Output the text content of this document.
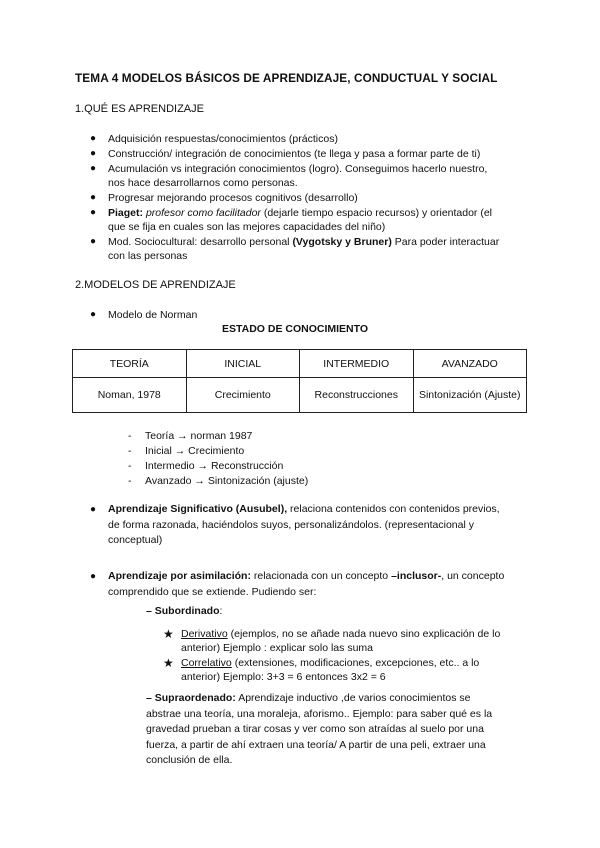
TEMA 4 MODELOS BÁSICOS DE APRENDIZAJE, CONDUCTUAL Y SOCIAL
1.QUÉ ES APRENDIZAJE
● Adquisición respuestas/conocimientos (prácticos)
● Construcción/ integración de conocimientos (te llega y pasa a formar parte de ti)
● Acumulación vs integración conocimientos (logro). Conseguimos hacerlo nuestro,
nos hace desarrollarnos como personas.
● Progresar mejorando procesos cognitivos (desarrollo)
● Piaget: profesor como facilitador (dejarle tiempo espacio recursos) y orientador (el
que se fija en cuales son las mejores capacidades del niño)
● Mod. Sociocultural: desarrollo personal (Vygotsky y Bruner) Para poder interactuar
con las personas
2.MODELOS DE APRENDIZAJE
● Modelo de Norman
ESTADO DE CONOCIMIENTO
TEORÍA	INICIAL	INTERMEDIO	AVANZADO
Noman, 1978	Crecimiento	Reconstrucciones	Sintonización (Ajuste)
- Teoría → norman 1987
- Inicial → Crecimiento
- Intermedio → Reconstrucción
- Avanzado → Sintonización (ajuste)
● Aprendizaje Significativo (Ausubel), relaciona contenidos con contenidos previos,
de forma razonada, haciéndolos suyos, personalizándolos. (representacional y
conceptual)
● Aprendizaje por asimilación: relacionada con un concepto –inclusor-, un concepto
comprendido que se extiende. Pudiendo ser:
– Subordinado:
★ Derivativo (ejemplos, no se añade nada nuevo sino explicación de lo
anterior) Ejemplo : explicar solo las suma
★ Correlativo (extensiones, modificaciones, excepciones, etc.. a lo
anterior) Ejemplo: 3+3 = 6 entonces 3x2 = 6
– Supraordenado: Aprendizaje inductivo ,de varios conocimientos se
abstrae una teoría, una moraleja, aforismo.. Ejemplo: para saber qué es la
gravedad prueban a tirar cosas y ver como son atraídas al suelo por una
fuerza, a partir de ahí extraen una teoría/ A partir de una peli, extraer una
conclusión de ella.
